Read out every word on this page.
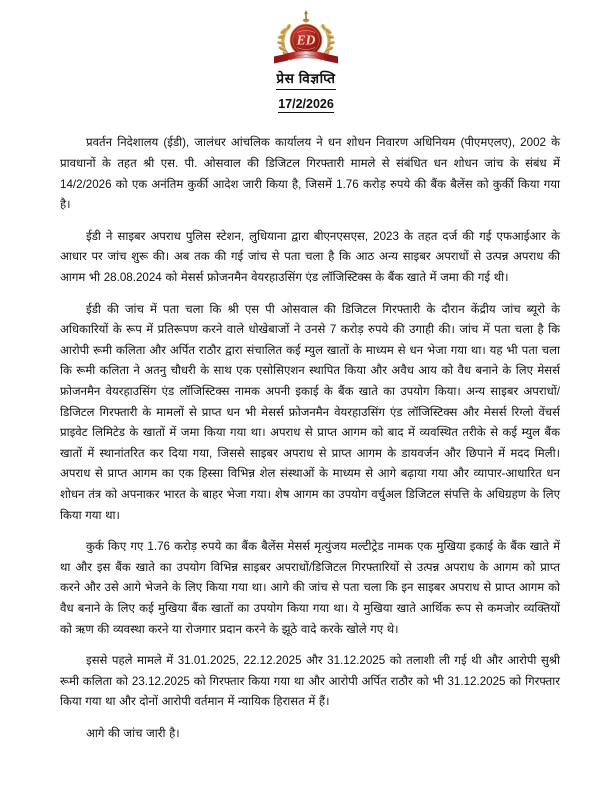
ED
प्रेस विज्ञप्ति
17/2/2026

प्रवर्तन निदेशालय (ईडी), जालंधर आंचलिक कार्यालय ने धन शोधन निवारण अधिनियम (पीएमएलए), 2002 के प्रावधानों के तहत श्री एस. पी. ओसवाल की डिजिटल गिरफ्तारी मामले से संबंधित धन शोधन जांच के संबंध में 14/2/2026 को एक अनंतिम कुर्की आदेश जारी किया है, जिसमें 1.76 करोड़ रुपये की बैंक बैलेंस को कुर्की किया गया है।

ईडी ने साइबर अपराध पुलिस स्टेशन, लुधियाना द्वारा बीएनएसएस, 2023 के तहत दर्ज की गई एफआईआर के आधार पर जांच शुरू की। अब तक की गई जांच से पता चला है कि आठ अन्य साइबर अपराधों से उत्पन्न अपराध की आगम भी 28.08.2024 को मेसर्स फ्रोजनमैन वेयरहाउसिंग एंड लॉजिस्टिक्स के बैंक खाते में जमा की गई थी।

ईडी की जांच में पता चला कि श्री एस पी ओसवाल की डिजिटल गिरफ्तारी के दौरान केंद्रीय जांच ब्यूरो के अधिकारियों के रूप में प्रतिरूपण करने वाले धोखेबाजों ने उनसे 7 करोड़ रुपये की उगाही की। जांच में पता चला है कि आरोपी रूमी कलिता और अर्पित राठौर द्वारा संचालित कई म्युल खातों के माध्यम से धन भेजा गया था। यह भी पता चला कि रूमी कलिता ने अतनु चौधरी के साथ एक एसोसिएशन स्थापित किया और अवैध आय को वैध बनाने के लिए मेसर्स फ्रोजनमैन वेयरहाउसिंग एंड लॉजिस्टिक्स नामक अपनी इकाई के बैंक खाते का उपयोग किया। अन्य साइबर अपराधों/डिजिटल गिरफ्तारी के मामलों से प्राप्त धन भी मेसर्स फ्रोजनमैन वेयरहाउसिंग एंड लॉजिस्टिक्स और मेसर्स रिग्लो वेंचर्स प्राइवेट लिमिटेड के खातों में जमा किया गया था। अपराध से प्राप्त आगम को बाद में व्यवस्थित तरीके से कई म्युल बैंक खातों में स्थानांतरित कर दिया गया, जिससे साइबर अपराध से प्राप्त आगम के डायवर्जन और छिपाने में मदद मिली। अपराध से प्राप्त आगम का एक हिस्सा विभिन्न शेल संस्थाओं के माध्यम से आगे बढ़ाया गया और व्यापार-आधारित धन शोधन तंत्र को अपनाकर भारत के बाहर भेजा गया। शेष आगम का उपयोग वर्चुअल डिजिटल संपत्ति के अधिग्रहण के लिए किया गया था।

कुर्क किए गए 1.76 करोड़ रुपये का बैंक बैलेंस मेसर्स मृत्युंजय मल्टीट्रेड नामक एक मुखिया इकाई के बैंक खाते में था और इस बैंक खाते का उपयोग विभिन्न साइबर अपराधों/डिजिटल गिरफ्तारियों से उत्पन्न अपराध के आगम को प्राप्त करने और उसे आगे भेजने के लिए किया गया था। आगे की जांच से पता चला कि इन साइबर अपराध से प्राप्त आगम को वैध बनाने के लिए कई मुखिया बैंक खातों का उपयोग किया गया था। ये मुखिया खाते आर्थिक रूप से कमजोर व्यक्तियों को ऋण की व्यवस्था करने या रोजगार प्रदान करने के झूठे वादे करके खोले गए थे।

इससे पहले मामले में 31.01.2025, 22.12.2025 और 31.12.2025 को तलाशी ली गई थी और आरोपी सुश्री रूमी कलिता को 23.12.2025 को गिरफ्तार किया गया था और आरोपी अर्पित राठौर को भी 31.12.2025 को गिरफ्तार किया गया था और दोनों आरोपी वर्तमान में न्यायिक हिरासत में हैं।

आगे की जांच जारी है।
